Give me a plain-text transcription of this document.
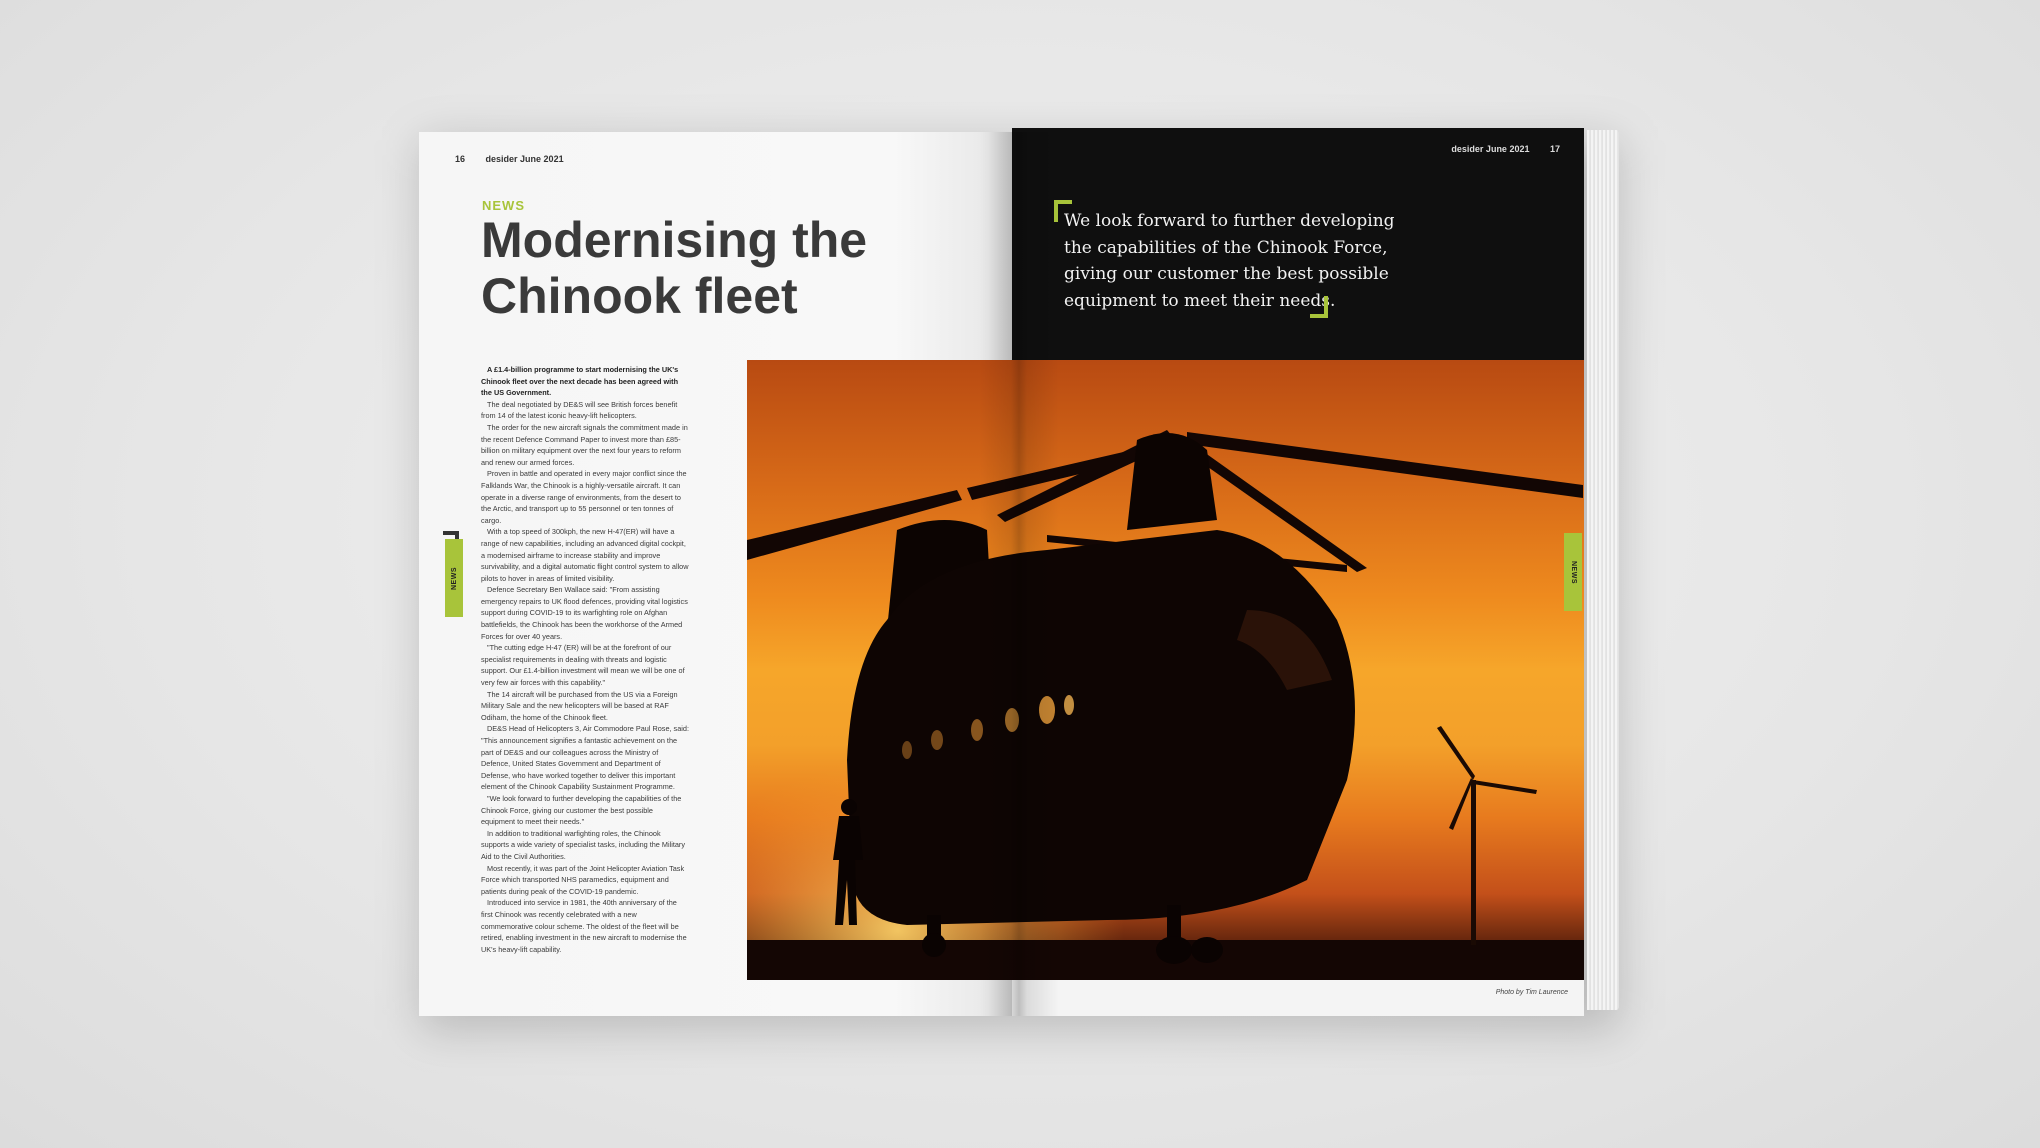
16 desider June 2021
NEWS
Modernising the
Chinook fleet
NEWS

A £1.4-billion programme to start modernising the UK's Chinook fleet over the next decade has been agreed with the US Government.

The deal negotiated by DE&S will see British forces benefit from 14 of the latest iconic heavy-lift helicopters.

The order for the new aircraft signals the commitment made in the recent Defence Command Paper to invest more than £85-billion on military equipment over the next four years to reform and renew our armed forces.

Proven in battle and operated in every major conflict since the Falklands War, the Chinook is a highly-versatile aircraft. It can operate in a diverse range of environments, from the desert to the Arctic, and transport up to 55 personnel or ten tonnes of cargo.

With a top speed of 300kph, the new H-47(ER) will have a range of new capabilities, including an advanced digital cockpit, a modernised airframe to increase stability and improve survivability, and a digital automatic flight control system to allow pilots to hover in areas of limited visibility.

Defence Secretary Ben Wallace said: "From assisting emergency repairs to UK flood defences, providing vital logistics support during COVID-19 to its warfighting role on Afghan battlefields, the Chinook has been the workhorse of the Armed Forces for over 40 years.

"The cutting edge H-47 (ER) will be at the forefront of our specialist requirements in dealing with threats and logistic support. Our £1.4-billion investment will mean we will be one of very few air forces with this capability."

The 14 aircraft will be purchased from the US via a Foreign Military Sale and the new helicopters will be based at RAF Odiham, the home of the Chinook fleet.

DE&S Head of Helicopters 3, Air Commodore Paul Rose, said: "This announcement signifies a fantastic achievement on the part of DE&S and our colleagues across the Ministry of Defence, United States Government and Department of Defense, who have worked together to deliver this important element of the Chinook Capability Sustainment Programme.

"We look forward to further developing the capabilities of the Chinook Force, giving our customer the best possible equipment to meet their needs."

In addition to traditional warfighting roles, the Chinook supports a wide variety of specialist tasks, including the Military Aid to the Civil Authorities.

Most recently, it was part of the Joint Helicopter Aviation Task Force which transported NHS paramedics, equipment and patients during peak of the COVID-19 pandemic.

Introduced into service in 1981, the 40th anniversary of the first Chinook was recently celebrated with a new commemorative colour scheme. The oldest of the fleet will be retired, enabling investment in the new aircraft to modernise the UK's heavy-lift capability.

desider June 2021 17
We look forward to further developing the capabilities of the Chinook Force, giving our customer the best possible equipment to meet their needs.
NEWS
Photo by Tim Laurence
